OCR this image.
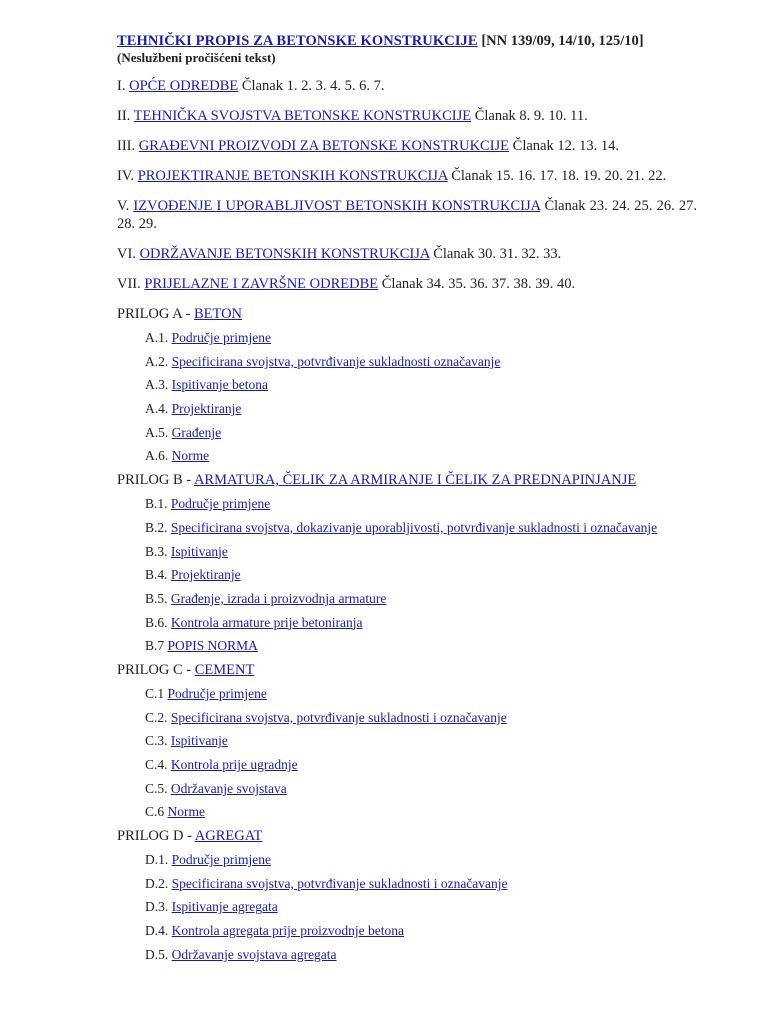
TEHNIČKI PROPIS ZA BETONSKE KONSTRUKCIJE [NN 139/09, 14/10, 125/10]
(Neslužbeni pročišćeni tekst)
I. OPĆE ODREDBE Članak 1. 2. 3. 4. 5. 6. 7.
II. TEHNIČKA SVOJSTVA BETONSKE KONSTRUKCIJE Članak 8. 9. 10. 11.
III. GRAĐEVNI PROIZVODI ZA BETONSKE KONSTRUKCIJE Članak 12. 13. 14.
IV. PROJEKTIRANJE BETONSKIH KONSTRUKCIJA Članak 15. 16. 17. 18. 19. 20. 21. 22.
V. IZVOĐENJE I UPORABLJIVOST BETONSKIH KONSTRUKCIJA Članak 23. 24. 25. 26. 27. 28. 29.
VI. ODRŽAVANJE BETONSKIH KONSTRUKCIJA Članak 30. 31. 32. 33.
VII. PRIJELAZNE I ZAVRŠNE ODREDBE Članak 34. 35. 36. 37. 38. 39. 40.
PRILOG A - BETON
A.1. Područje primjene
A.2. Specificirana svojstva, potvrđivanje sukladnosti označavanje
A.3. Ispitivanje betona
A.4. Projektiranje
A.5. Građenje
A.6. Norme
PRILOG B - ARMATURA, ČELIK ZA ARMIRANJE I ČELIK ZA PREDNAPINJANJE
B.1. Područje primjene
B.2. Specificirana svojstva, dokazivanje uporabljivosti, potvrđivanje sukladnosti i označavanje
B.3. Ispitivanje
B.4. Projektiranje
B.5. Građenje, izrada i proizvodnja armature
B.6. Kontrola armature prije betoniranja
B.7 POPIS NORMA
PRILOG C - CEMENT
C.1 Područje primjene
C.2. Specificirana svojstva, potvrđivanje sukladnosti i označavanje
C.3. Ispitivanje
C.4. Kontrola prije ugradnje
C.5. Održavanje svojstava
C.6 Norme
PRILOG D - AGREGAT
D.1. Područje primjene
D.2. Specificirana svojstva, potvrđivanje sukladnosti i označavanje
D.3. Ispitivanje agregata
D.4. Kontrola agregata prije proizvodnje betona
D.5. Održavanje svojstava agregata
